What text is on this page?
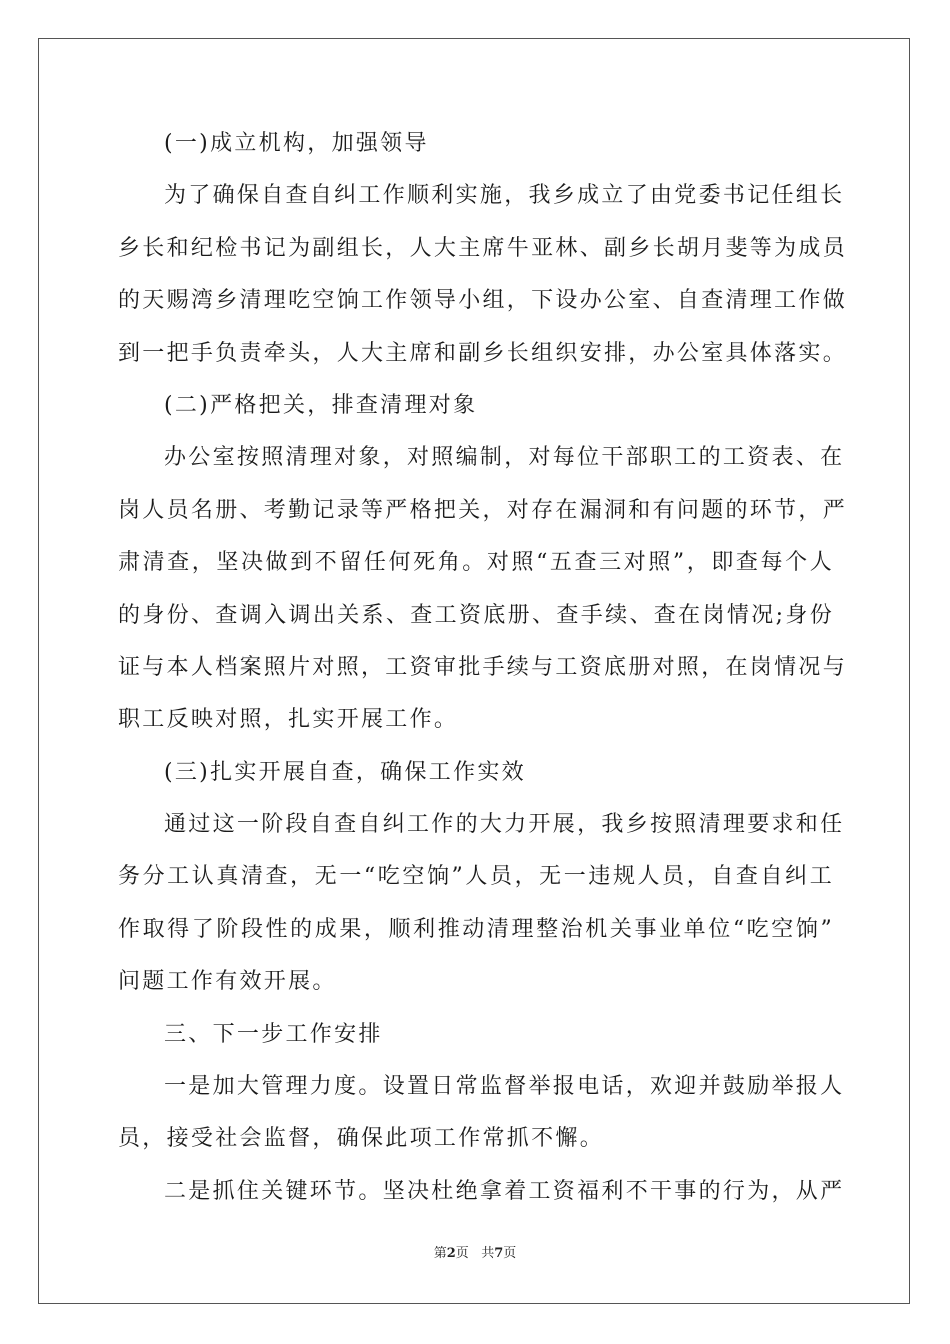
(一)成立机构，加强领导
为了确保自查自纠工作顺利实施，我乡成立了由党委书记任组长
乡长和纪检书记为副组长，人大主席牛亚林、副乡长胡月斐等为成员
的天赐湾乡清理吃空饷工作领导小组，下设办公室、自查清理工作做
到一把手负责牵头，人大主席和副乡长组织安排，办公室具体落实。
(二)严格把关，排查清理对象
办公室按照清理对象，对照编制，对每位干部职工的工资表、在
岗人员名册、考勤记录等严格把关，对存在漏洞和有问题的环节，严
肃清查，坚决做到不留任何死角。对照“五查三对照”，即查每个人
的身份、查调入调出关系、查工资底册、查手续、查在岗情况;身份
证与本人档案照片对照，工资审批手续与工资底册对照，在岗情况与
职工反映对照，扎实开展工作。
(三)扎实开展自查，确保工作实效
通过这一阶段自查自纠工作的大力开展，我乡按照清理要求和任
务分工认真清查，无一“吃空饷”人员，无一违规人员，自查自纠工
作取得了阶段性的成果，顺利推动清理整治机关事业单位“吃空饷”
问题工作有效开展。
三、下一步工作安排
一是加大管理力度。设置日常监督举报电话，欢迎并鼓励举报人
员，接受社会监督，确保此项工作常抓不懈。
二是抓住关键环节。坚决杜绝拿着工资福利不干事的行为，从严
第2页 共7页
